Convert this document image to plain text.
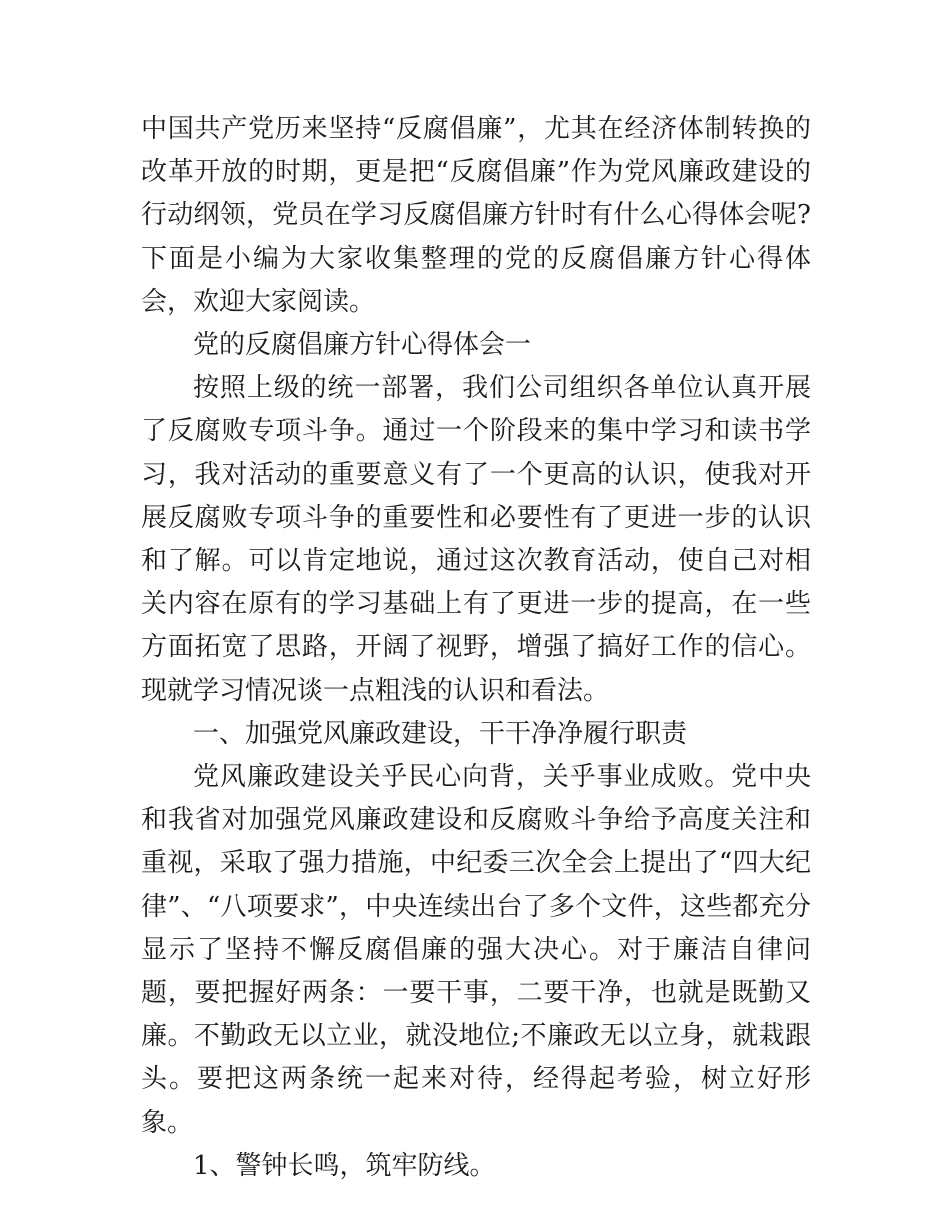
中国共产党历来坚持“反腐倡廉”，尤其在经济体制转换的改革开放的时期，更是把“反腐倡廉”作为党风廉政建设的行动纲领，党员在学习反腐倡廉方针时有什么心得体会呢?下面是小编为大家收集整理的党的反腐倡廉方针心得体会，欢迎大家阅读。

党的反腐倡廉方针心得体会一

按照上级的统一部署，我们公司组织各单位认真开展了反腐败专项斗争。通过一个阶段来的集中学习和读书学习，我对活动的重要意义有了一个更高的认识，使我对开展反腐败专项斗争的重要性和必要性有了更进一步的认识和了解。可以肯定地说，通过这次教育活动，使自己对相关内容在原有的学习基础上有了更进一步的提高，在一些方面拓宽了思路，开阔了视野，增强了搞好工作的信心。现就学习情况谈一点粗浅的认识和看法。

一、加强党风廉政建设，干干净净履行职责

党风廉政建设关乎民心向背，关乎事业成败。党中央和我省对加强党风廉政建设和反腐败斗争给予高度关注和重视，采取了强力措施，中纪委三次全会上提出了“四大纪律”、“八项要求”，中央连续出台了多个文件，这些都充分显示了坚持不懈反腐倡廉的强大决心。对于廉洁自律问题，要把握好两条：一要干事，二要干净，也就是既勤又廉。不勤政无以立业，就没地位;不廉政无以立身，就栽跟头。要把这两条统一起来对待，经得起考验，树立好形象。

1、警钟长鸣，筑牢防线。
